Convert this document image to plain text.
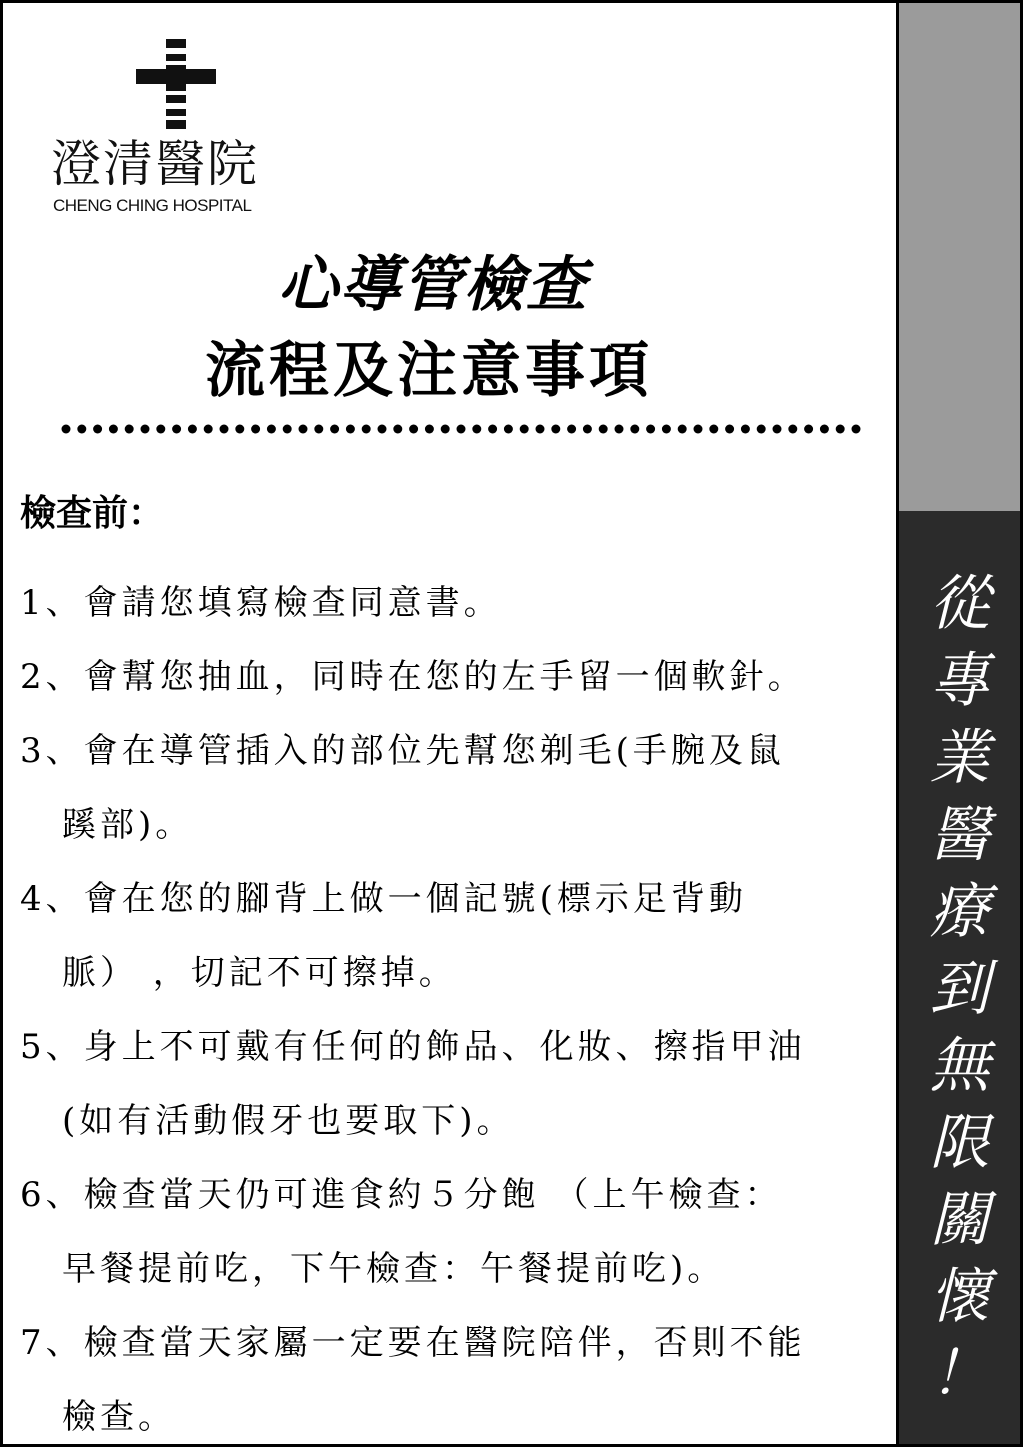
澄清醫院
CHENG CHING HOSPITAL
心導管檢查
流程及注意事項
檢查前：
1、會請您填寫檢查同意書。
2、會幫您抽血，同時在您的左手留一個軟針。
3、會在導管插入的部位先幫您剃毛(手腕及鼠
蹊部)。
4、會在您的腳背上做一個記號(標示足背動
脈） ，切記不可擦掉。
5、身上不可戴有任何的飾品、化妝、擦指甲油
(如有活動假牙也要取下)。
6、檢查當天仍可進食約５分飽 （上午檢查：
早餐提前吃，下午檢查：午餐提前吃)。
7、檢查當天家屬一定要在醫院陪伴，否則不能
檢查。
從
專
業
醫
療
到
無
限
關
懷
！
